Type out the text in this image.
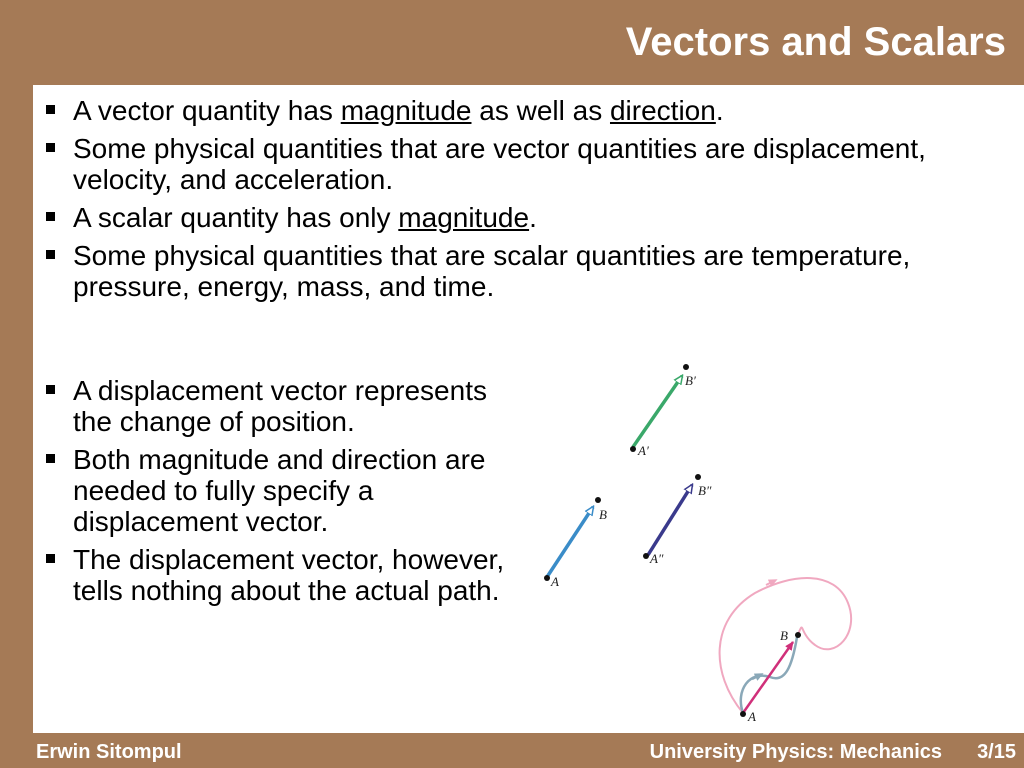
Vectors and Scalars
A vector quantity has magnitude as well as direction.
Some physical quantities that are vector quantities are displacement, velocity, and acceleration.
A scalar quantity has only magnitude.
Some physical quantities that are scalar quantities are temperature, pressure, energy, mass, and time.
A displacement vector represents the change of position.
Both magnitude and direction are needed to fully specify a displacement vector.
The displacement vector, however, tells nothing about the actual path.
A′
B′
A
B
A″
B″
A
B
Erwin Sitompul	University Physics: Mechanics 3/15
